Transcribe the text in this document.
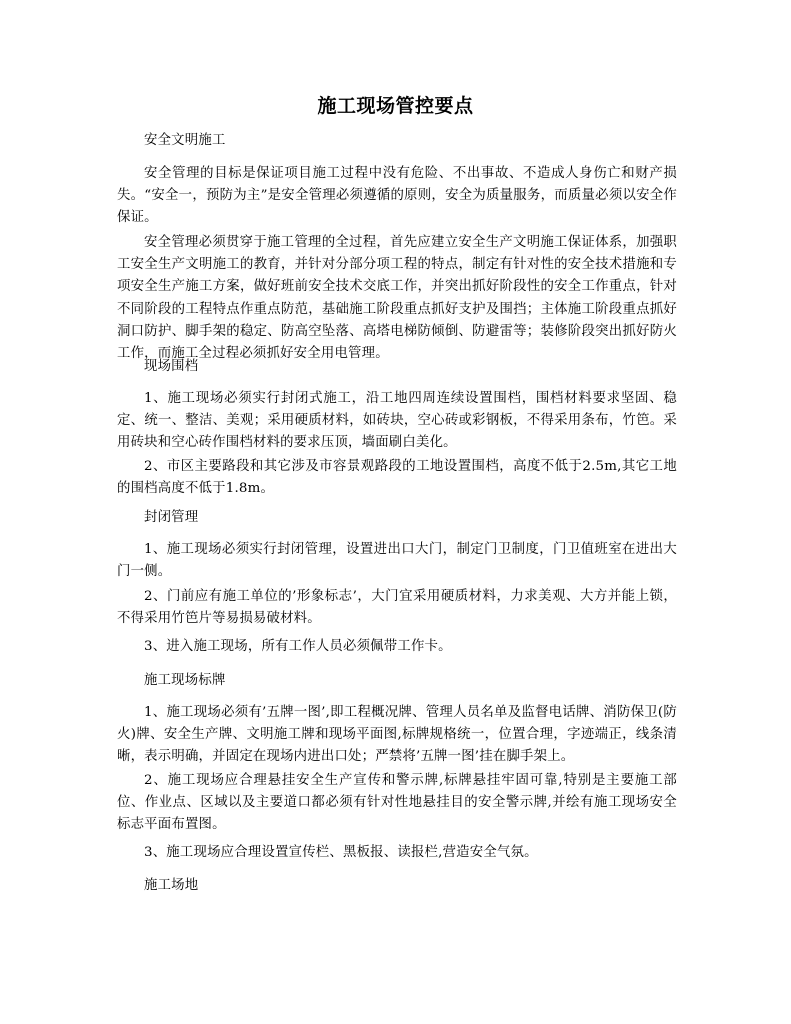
施工现场管控要点

安全文明施工

安全管理的目标是保证项目施工过程中没有危险、不出事故、不造成人身伤亡和财产损失。“安全一，预防为主”是安全管理必须遵循的原则，安全为质量服务，而质量必须以安全作保证。

安全管理必须贯穿于施工管理的全过程，首先应建立安全生产文明施工保证体系，加强职工安全生产文明施工的教育，并针对分部分项工程的特点，制定有针对性的安全技术措施和专项安全生产施工方案，做好班前安全技术交底工作，并突出抓好阶段性的安全工作重点，针对不同阶段的工程特点作重点防范，基础施工阶段重点抓好支护及围挡；主体施工阶段重点抓好洞口防护、脚手架的稳定、防高空坠落、高塔电梯防倾倒、防避雷等；装修阶段突出抓好防火工作，而施工全过程必须抓好安全用电管理。

现场围档

1、施工现场必须实行封闭式施工，沿工地四周连续设置围档，围档材料要求坚固、稳定、统一、整洁、美观；采用硬质材料，如砖块，空心砖或彩钢板，不得采用条布，竹笆。采用砖块和空心砖作围档材料的要求压顶，墙面刷白美化。

2、市区主要路段和其它涉及市容景观路段的工地设置围档，高度不低于2.5m,其它工地的围档高度不低于1.8m。

封闭管理

1、施工现场必须实行封闭管理，设置进出口大门，制定门卫制度，门卫值班室在进出大门一侧。

2、门前应有施工单位的’形象标志’，大门宜采用硬质材料，力求美观、大方并能上锁，不得采用竹笆片等易损易破材料。

3、进入施工现场，所有工作人员必须佩带工作卡。

施工现场标牌

1、施工现场必须有’五牌一图’,即工程概况牌、管理人员名单及监督电话牌、消防保卫(防火)牌、安全生产牌、文明施工牌和现场平面图,标牌规格统一，位置合理，字迹端正，线条清晰，表示明确，并固定在现场内进出口处；严禁将’五牌一图’挂在脚手架上。

2、施工现场应合理悬挂安全生产宣传和警示牌,标牌悬挂牢固可靠,特别是主要施工部位、作业点、区域以及主要道口都必须有针对性地悬挂目的安全警示牌,并绘有施工现场安全标志平面布置图。

3、施工现场应合理设置宣传栏、黑板报、读报栏,营造安全气氛。

施工场地
